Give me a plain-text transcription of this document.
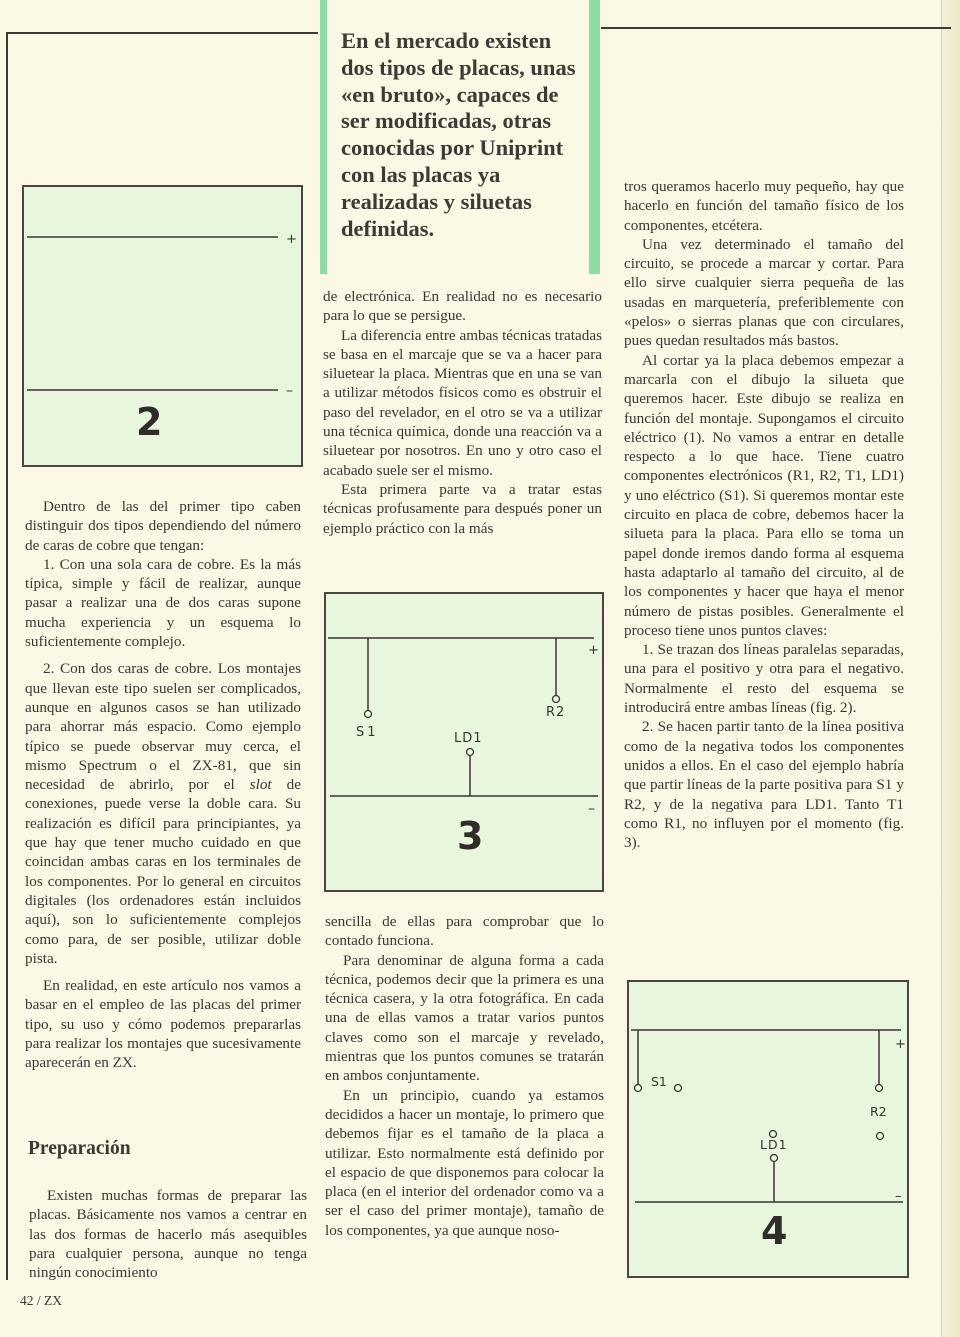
En el mercado existen dos tipos de placas, unas «en bruto», capaces de ser modificadas, otras conocidas por Uniprint con las placas ya realizadas y siluetas definidas.
+
–
2
+
S1
R2
LD1
–
3
+
S1
R2
LD1
–
4

Dentro de las del primer tipo caben distinguir dos tipos dependiendo del número de caras de cobre que tengan:

1. Con una sola cara de cobre. Es la más típica, simple y fácil de realizar, aunque pasar a realizar una de dos caras supone mucha experiencia y un esquema lo suficientemente complejo.

2. Con dos caras de cobre. Los montajes que llevan este tipo suelen ser complicados, aunque en algunos casos se han utilizado para ahorrar más espacio. Como ejemplo típico se puede observar muy cerca, el mismo Spectrum o el ZX-81, que sin necesidad de abrirlo, por el slot de conexiones, puede verse la doble cara. Su realización es difícil para principiantes, ya que hay que tener mucho cuidado en que coincidan ambas caras en los terminales de los componentes. Por lo general en circuitos digitales (los ordenadores están incluidos aquí), son lo suficientemente complejos como para, de ser posible, utilizar doble pista.

En realidad, en este artículo nos vamos a basar en el empleo de las placas del primer tipo, su uso y cómo podemos prepararlas para realizar los montajes que sucesivamente aparecerán en ZX.

Preparación

Existen muchas formas de preparar las placas. Básicamente nos vamos a centrar en las dos formas de hacerlo más asequibles para cualquier persona, aunque no tenga ningún conocimiento

de electrónica. En realidad no es necesario para lo que se persigue.

La diferencia entre ambas técnicas tratadas se basa en el marcaje que se va a hacer para siluetear la placa. Mientras que en una se van a utilizar métodos físicos como es obstruir el paso del revelador, en el otro se va a utilizar una técnica química, donde una reacción va a siluetear por nosotros. En uno y otro caso el acabado suele ser el mismo.

Esta primera parte va a tratar estas técnicas profusamente para después poner un ejemplo práctico con la más

sencilla de ellas para comprobar que lo contado funciona.

Para denominar de alguna forma a cada técnica, podemos decir que la primera es una técnica casera, y la otra fotográfica. En cada una de ellas vamos a tratar varios puntos claves como son el marcaje y revelado, mientras que los puntos comunes se tratarán en ambos conjuntamente.

En un principio, cuando ya estamos decididos a hacer un montaje, lo primero que debemos fijar es el tamaño de la placa a utilizar. Esto normalmente está definido por el espacio de que disponemos para colocar la placa (en el interior del ordenador como va a ser el caso del primer montaje), tamaño de los componentes, ya que aunque noso-

tros queramos hacerlo muy pequeño, hay que hacerlo en función del tamaño físico de los componentes, etcétera.

Una vez determinado el tamaño del circuito, se procede a marcar y cortar. Para ello sirve cualquier sierra pequeña de las usadas en marquetería, preferiblemente con «pelos» o sierras planas que con circulares, pues quedan resultados más bastos.

Al cortar ya la placa debemos empezar a marcarla con el dibujo la silueta que queremos hacer. Este dibujo se realiza en función del montaje. Supongamos el circuito eléctrico (1). No vamos a entrar en detalle respecto a lo que hace. Tiene cuatro componentes electrónicos (R1, R2, T1, LD1) y uno eléctrico (S1). Si queremos montar este circuito en placa de cobre, debemos hacer la silueta para la placa. Para ello se toma un papel donde iremos dando forma al esquema hasta adaptarlo al tamaño del circuito, al de los componentes y hacer que haya el menor número de pistas posibles. Generalmente el proceso tiene unos puntos claves:

1. Se trazan dos líneas paralelas separadas, una para el positivo y otra para el negativo. Normalmente el resto del esquema se introducirá entre ambas líneas (fig. 2).

2. Se hacen partir tanto de la línea positiva como de la negativa todos los componentes unidos a ellos. En el caso del ejemplo habría que partir líneas de la parte positiva para S1 y R2, y de la negativa para LD1. Tanto T1 como R1, no influyen por el momento (fig. 3).

42 / ZX
